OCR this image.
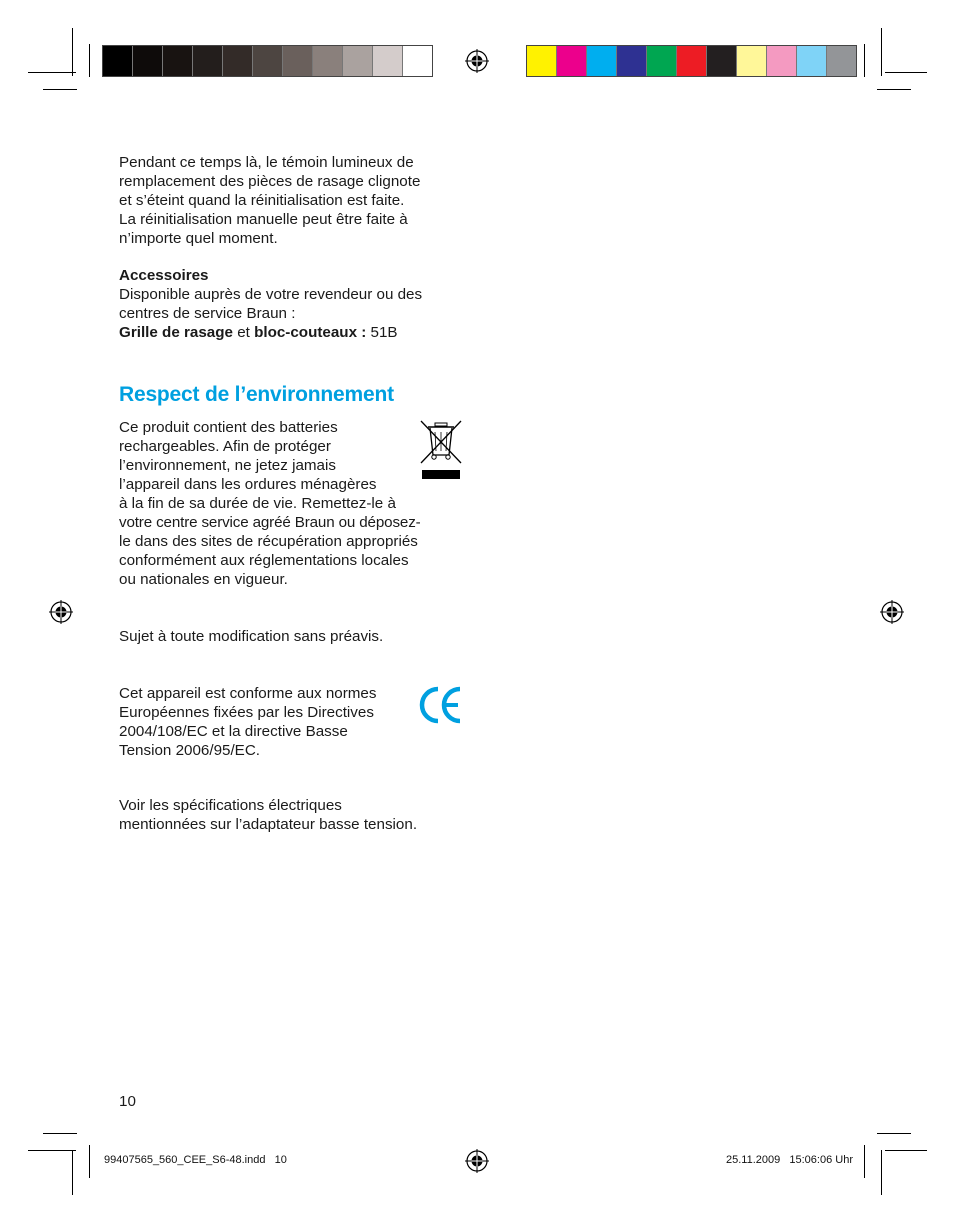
Pendant ce temps là, le témoin lumineux de

remplacement des pièces de rasage clignote

et s’éteint quand la réinitialisation est faite.

La réinitialisation manuelle peut être faite à

n’importe quel moment.

Accessoires

Disponible auprès de votre revendeur ou des

centres de service Braun :

Grille de rasage et bloc-couteaux : 51B

Respect de l’environnement

Ce produit contient des batteries

rechargeables. Afin de protéger

l’environnement, ne jetez jamais

l’appareil dans les ordures ménagères

à la fin de sa durée de vie. Remettez-le à

votre centre service agréé Braun ou déposez-

le dans des sites de récupération appropriés

conformément aux réglementations locales

ou nationales en vigueur.

Sujet à toute modification sans préavis.

Cet appareil est conforme aux normes

Européennes fixées par les Directives

2004/108/EC et la directive Basse

Tension 2006/95/EC.

Voir les spécifications électriques

mentionnées sur l’adaptateur basse tension.

10
99407565_560_CEE_S6-48.indd   10	25.11.2009   15:06:06 Uhr
